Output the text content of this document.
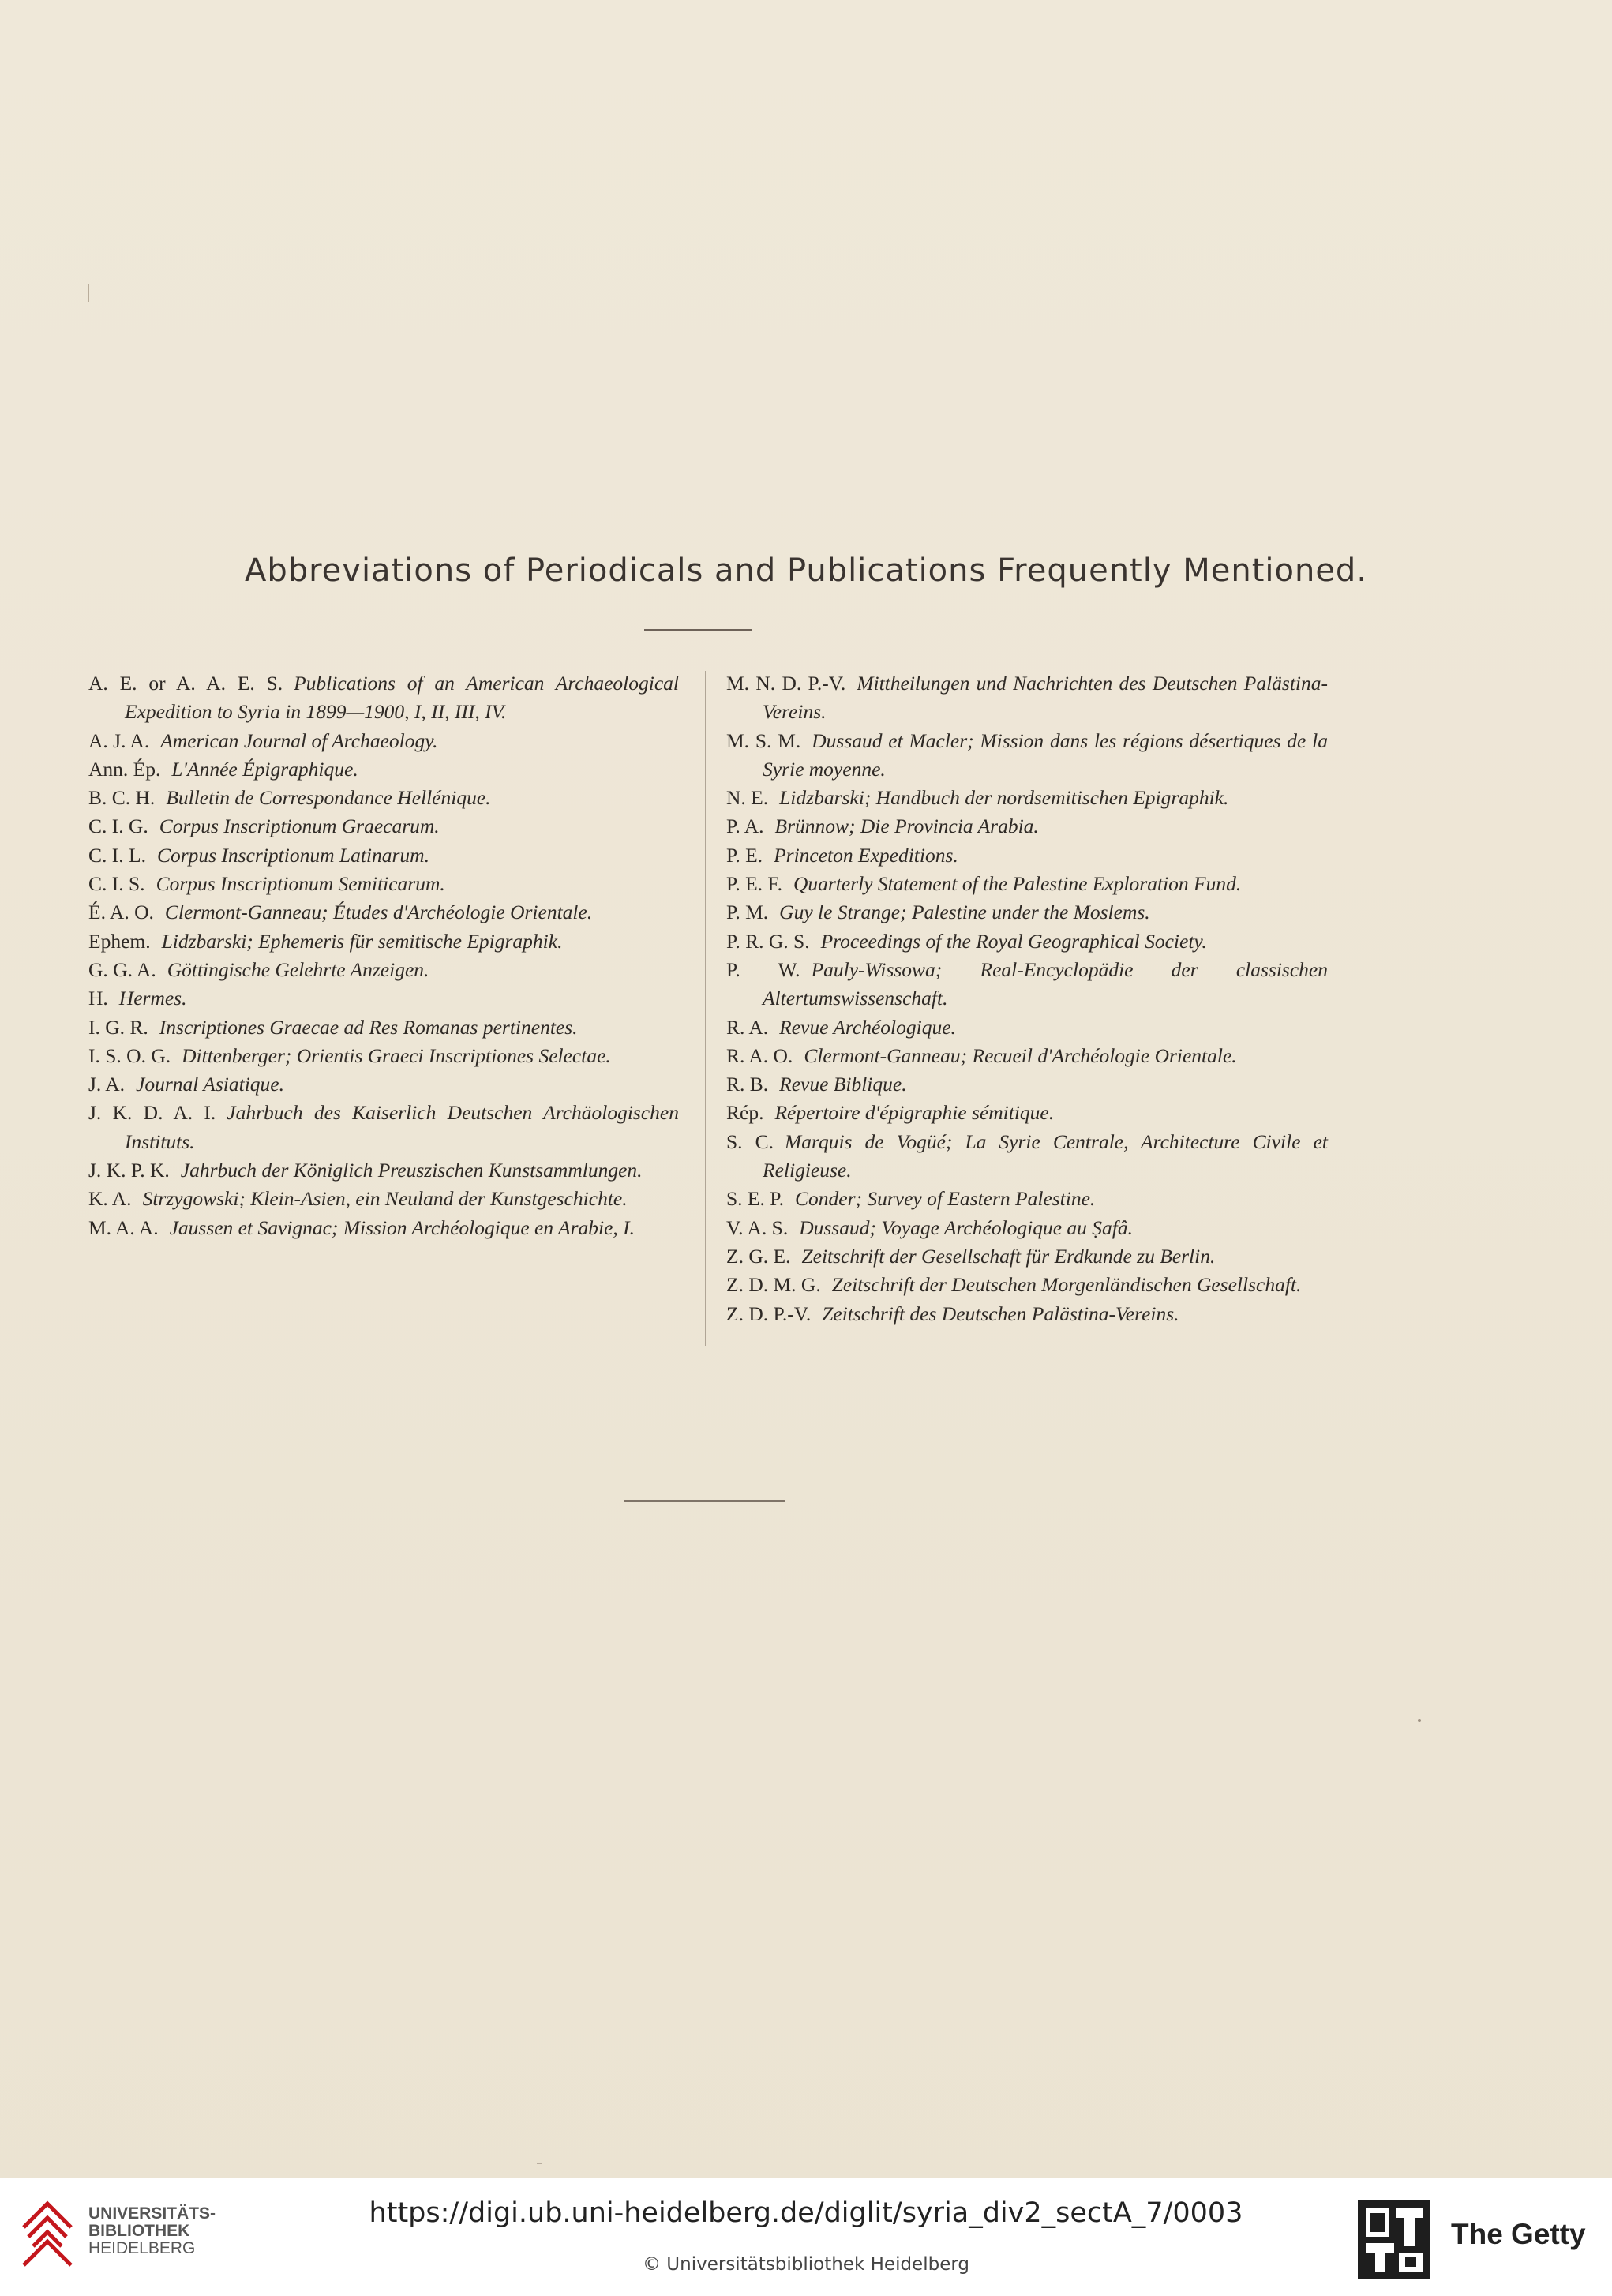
Abbreviations of Periodicals and Publications Frequently Mentioned.
A. E. or A. A. E. S. Publications of an American Archaeological Expedition to Syria in 1899—1900, I, II, III, IV.
A. J. A. American Journal of Archaeology.
Ann. Ép. L'Année Épigraphique.
B. C. H. Bulletin de Correspondance Hellénique.
C. I. G. Corpus Inscriptionum Graecarum.
C. I. L. Corpus Inscriptionum Latinarum.
C. I. S. Corpus Inscriptionum Semiticarum.
É. A. O. Clermont-Ganneau; Études d'Archéologie Orientale.
Ephem. Lidzbarski; Ephemeris für semitische Epigraphik.
G. G. A. Göttingische Gelehrte Anzeigen.
H. Hermes.
I. G. R. Inscriptiones Graecae ad Res Romanas pertinentes.
I. S. O. G. Dittenberger; Orientis Graeci Inscriptiones Selectae.
J. A. Journal Asiatique.
J. K. D. A. I. Jahrbuch des Kaiserlich Deutschen Archäologischen Instituts.
J. K. P. K. Jahrbuch der Königlich Preuszischen Kunstsammlungen.
K. A. Strzygowski; Klein-Asien, ein Neuland der Kunstgeschichte.
M. A. A. Jaussen et Savignac; Mission Archéologique en Arabie, I.
M. N. D. P.-V. Mittheilungen und Nachrichten des Deutschen Palästina-Vereins.
M. S. M. Dussaud et Macler; Mission dans les régions désertiques de la Syrie moyenne.
N. E. Lidzbarski; Handbuch der nordsemitischen Epigraphik.
P. A. Brünnow; Die Provincia Arabia.
P. E. Princeton Expeditions.
P. E. F. Quarterly Statement of the Palestine Exploration Fund.
P. M. Guy le Strange; Palestine under the Moslems.
P. R. G. S. Proceedings of the Royal Geographical Society.
P. W. Pauly-Wissowa; Real-Encyclopädie der classischen Altertumswissenschaft.
R. A. Revue Archéologique.
R. A. O. Clermont-Ganneau; Recueil d'Archéologie Orientale.
R. B. Revue Biblique.
Rép. Répertoire d'épigraphie sémitique.
S. C. Marquis de Vogüé; La Syrie Centrale, Architecture Civile et Religieuse.
S. E. P. Conder; Survey of Eastern Palestine.
V. A. S. Dussaud; Voyage Archéologique au Ṣafâ.
Z. G. E. Zeitschrift der Gesellschaft für Erdkunde zu Berlin.
Z. D. M. G. Zeitschrift der Deutschen Morgenländischen Gesellschaft.
Z. D. P.-V. Zeitschrift des Deutschen Palästina-Vereins.
UNIVERSITÄTS-
BIBLIOTHEK
HEIDELBERG
https://digi.ub.uni-heidelberg.de/diglit/syria_div2_sectA_7/0003
© Universitätsbibliothek Heidelberg
The Getty
